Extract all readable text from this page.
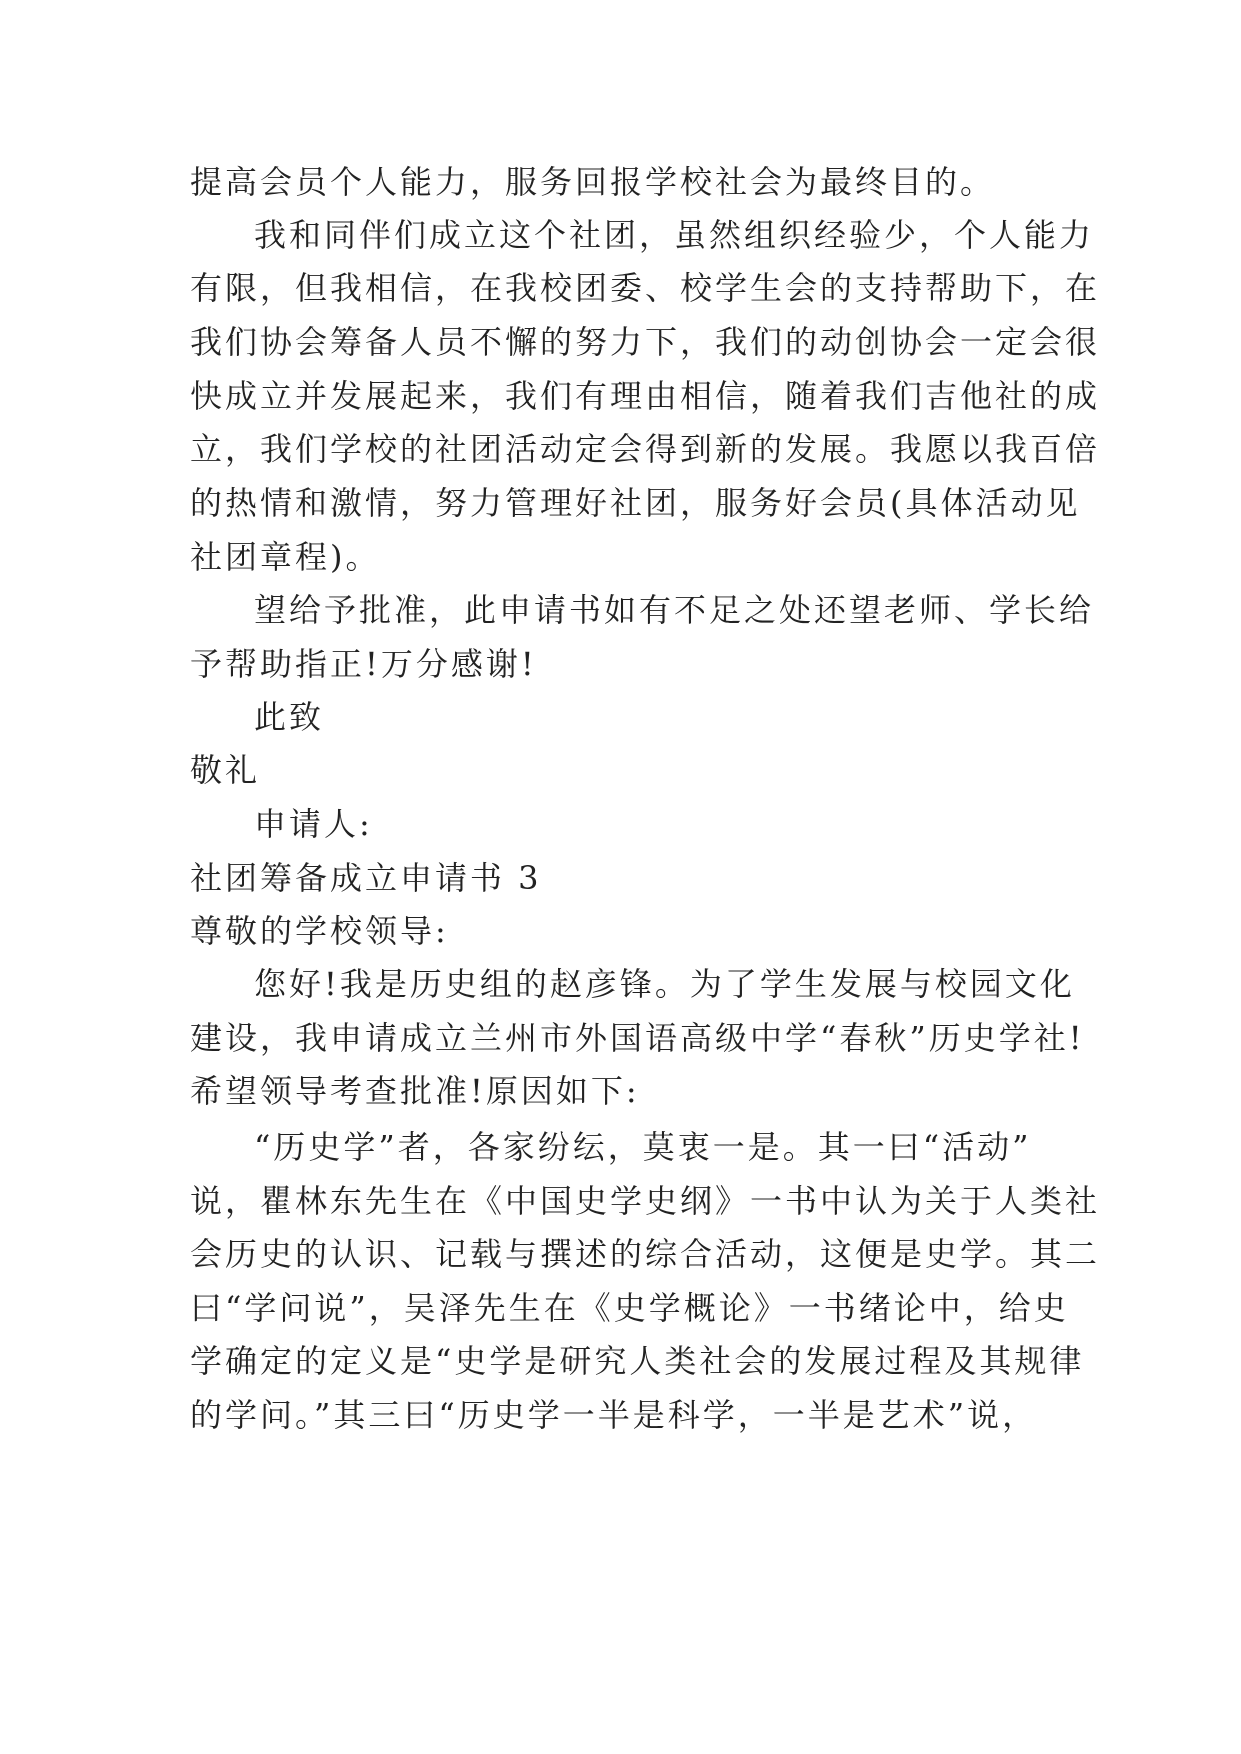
提高会员个人能力，服务回报学校社会为最终目的。
我和同伴们成立这个社团，虽然组织经验少，个人能力
有限，但我相信，在我校团委、校学生会的支持帮助下，在
我们协会筹备人员不懈的努力下，我们的动创协会一定会很
快成立并发展起来，我们有理由相信，随着我们吉他社的成
立，我们学校的社团活动定会得到新的发展。我愿以我百倍
的热情和激情，努力管理好社团，服务好会员(具体活动见
社团章程)。
望给予批准，此申请书如有不足之处还望老师、学长给
予帮助指正!万分感谢!
此致
敬礼
申请人:
社团筹备成立申请书 3
尊敬的学校领导:
您好!我是历史组的赵彦锋。为了学生发展与校园文化
建设，我申请成立兰州市外国语高级中学“春秋”历史学社!
希望领导考查批准!原因如下:
“历史学”者，各家纷纭，莫衷一是。其一曰“活动”
说，瞿林东先生在《中国史学史纲》一书中认为关于人类社
会历史的认识、记载与撰述的综合活动，这便是史学。其二
曰“学问说”，吴泽先生在《史学概论》一书绪论中，给史
学确定的定义是“史学是研究人类社会的发展过程及其规律
的学问。”其三曰“历史学一半是科学，一半是艺术”说，
